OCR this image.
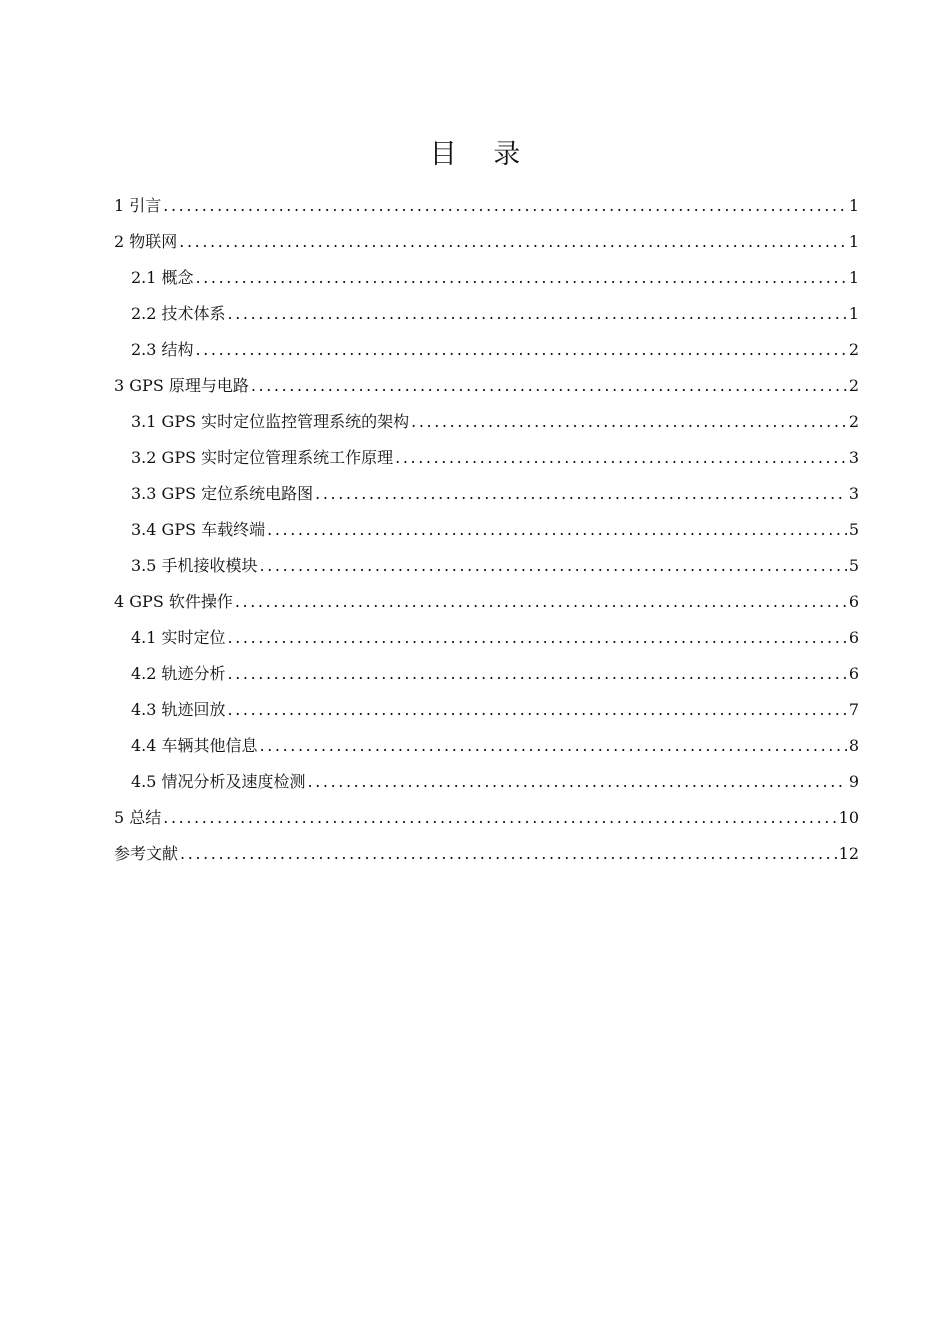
目 录
1 引言 .....	1
2 物联网 .....	1
2.1 概念 .....	1
2.2 技术体系 .....	1
2.3 结构 .....	2
3 GPS 原理与电路 .....	2
3.1 GPS 实时定位监控管理系统的架构 .....	2
3.2 GPS 实时定位管理系统工作原理 .....	3
3.3 GPS 定位系统电路图 .....	3
3.4 GPS 车载终端 .....	5
3.5 手机接收模块 .....	5
4 GPS 软件操作 .....	6
4.1 实时定位 .....	6
4.2 轨迹分析 .....	6
4.3 轨迹回放 .....	7
4.4 车辆其他信息 .....	8
4.5 情况分析及速度检测 .....	9
5 总结 .....	10
参考文献 .....	12
